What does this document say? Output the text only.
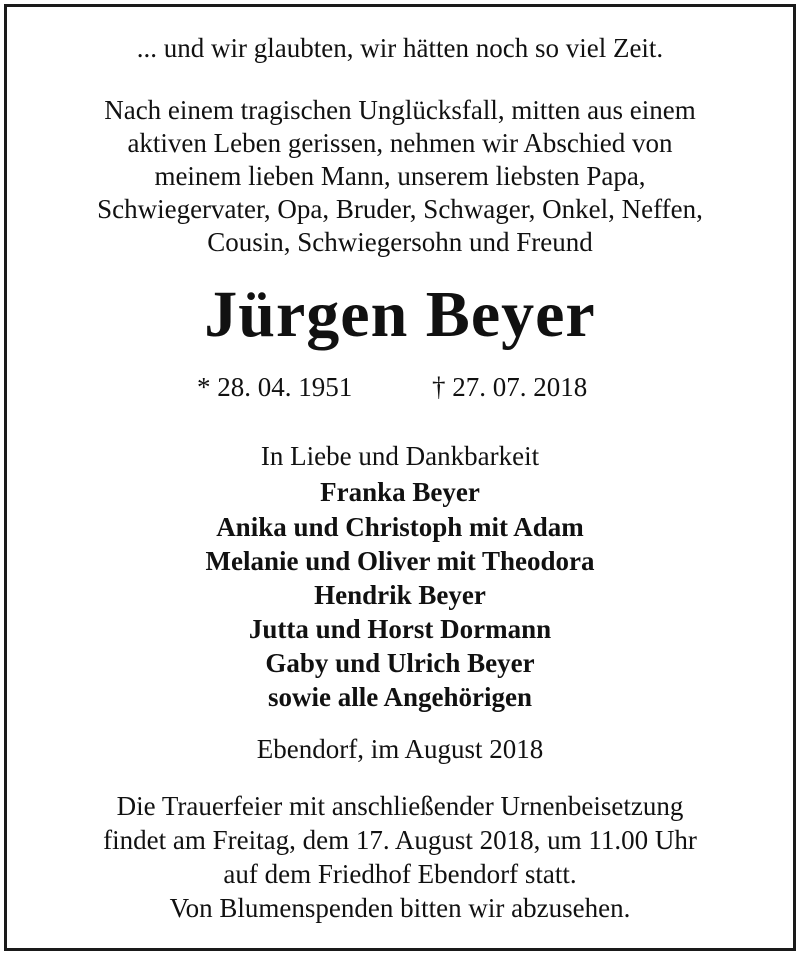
... und wir glaubten, wir hätten noch so viel Zeit.
Nach einem tragischen Unglücksfall, mitten aus einem
aktiven Leben gerissen, nehmen wir Abschied von
meinem lieben Mann, unserem liebsten Papa,
Schwiegervater, Opa, Bruder, Schwager, Onkel, Neffen,
Cousin, Schwiegersohn und Freund
Jürgen Beyer
* 28. 04. 1951	† 27. 07. 2018
In Liebe und Dankbarkeit
Franka Beyer
Anika und Christoph mit Adam
Melanie und Oliver mit Theodora
Hendrik Beyer
Jutta und Horst Dormann
Gaby und Ulrich Beyer
sowie alle Angehörigen
Ebendorf, im August 2018
Die Trauerfeier mit anschließender Urnenbeisetzung
findet am Freitag, dem 17. August 2018, um 11.00 Uhr
auf dem Friedhof Ebendorf statt.
Von Blumenspenden bitten wir abzusehen.
